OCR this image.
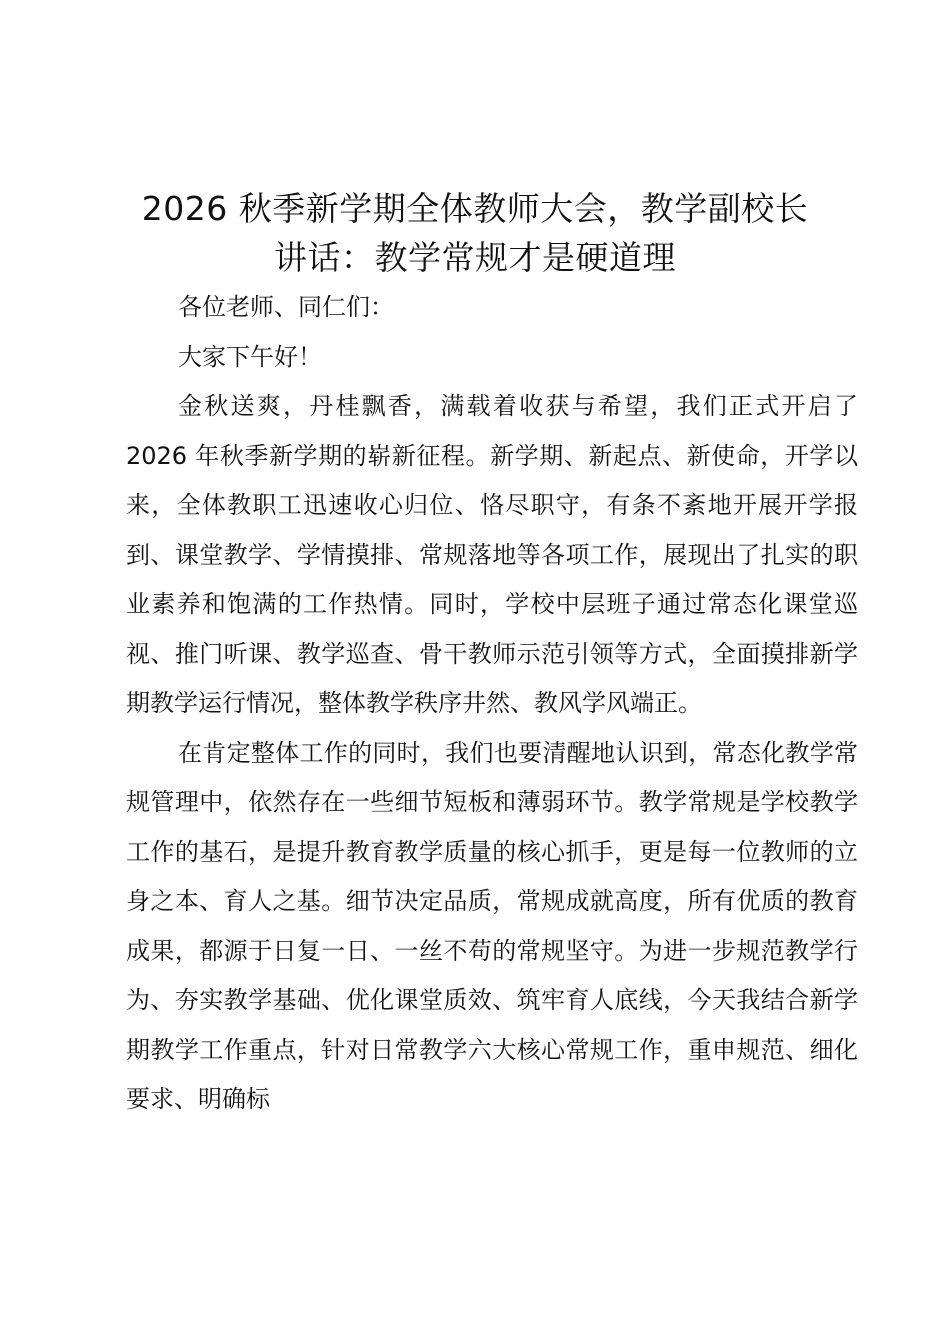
2026 秋季新学期全体教师大会，教学副校长
讲话：教学常规才是硬道理

各位老师、同仁们：

大家下午好！

金秋送爽，丹桂飘香，满载着收获与希望，我们正式开启了 2026 年秋季新学期的崭新征程。新学期、新起点、新使命，开学以来，全体教职工迅速收心归位、恪尽职守，有条不紊地开展开学报到、课堂教学、学情摸排、常规落地等各项工作，展现出了扎实的职业素养和饱满的工作热情。同时，学校中层班子通过常态化课堂巡视、推门听课、教学巡查、骨干教师示范引领等方式，全面摸排新学期教学运行情况，整体教学秩序井然、教风学风端正。

在肯定整体工作的同时，我们也要清醒地认识到，常态化教学常规管理中，依然存在一些细节短板和薄弱环节。教学常规是学校教学工作的基石，是提升教育教学质量的核心抓手，更是每一位教师的立身之本、育人之基。细节决定品质，常规成就高度，所有优质的教育成果，都源于日复一日、一丝不苟的常规坚守。为进一步规范教学行为、夯实教学基础、优化课堂质效、筑牢育人底线，今天我结合新学期教学工作重点，针对日常教学六大核心常规工作，重申规范、细化要求、明确标
